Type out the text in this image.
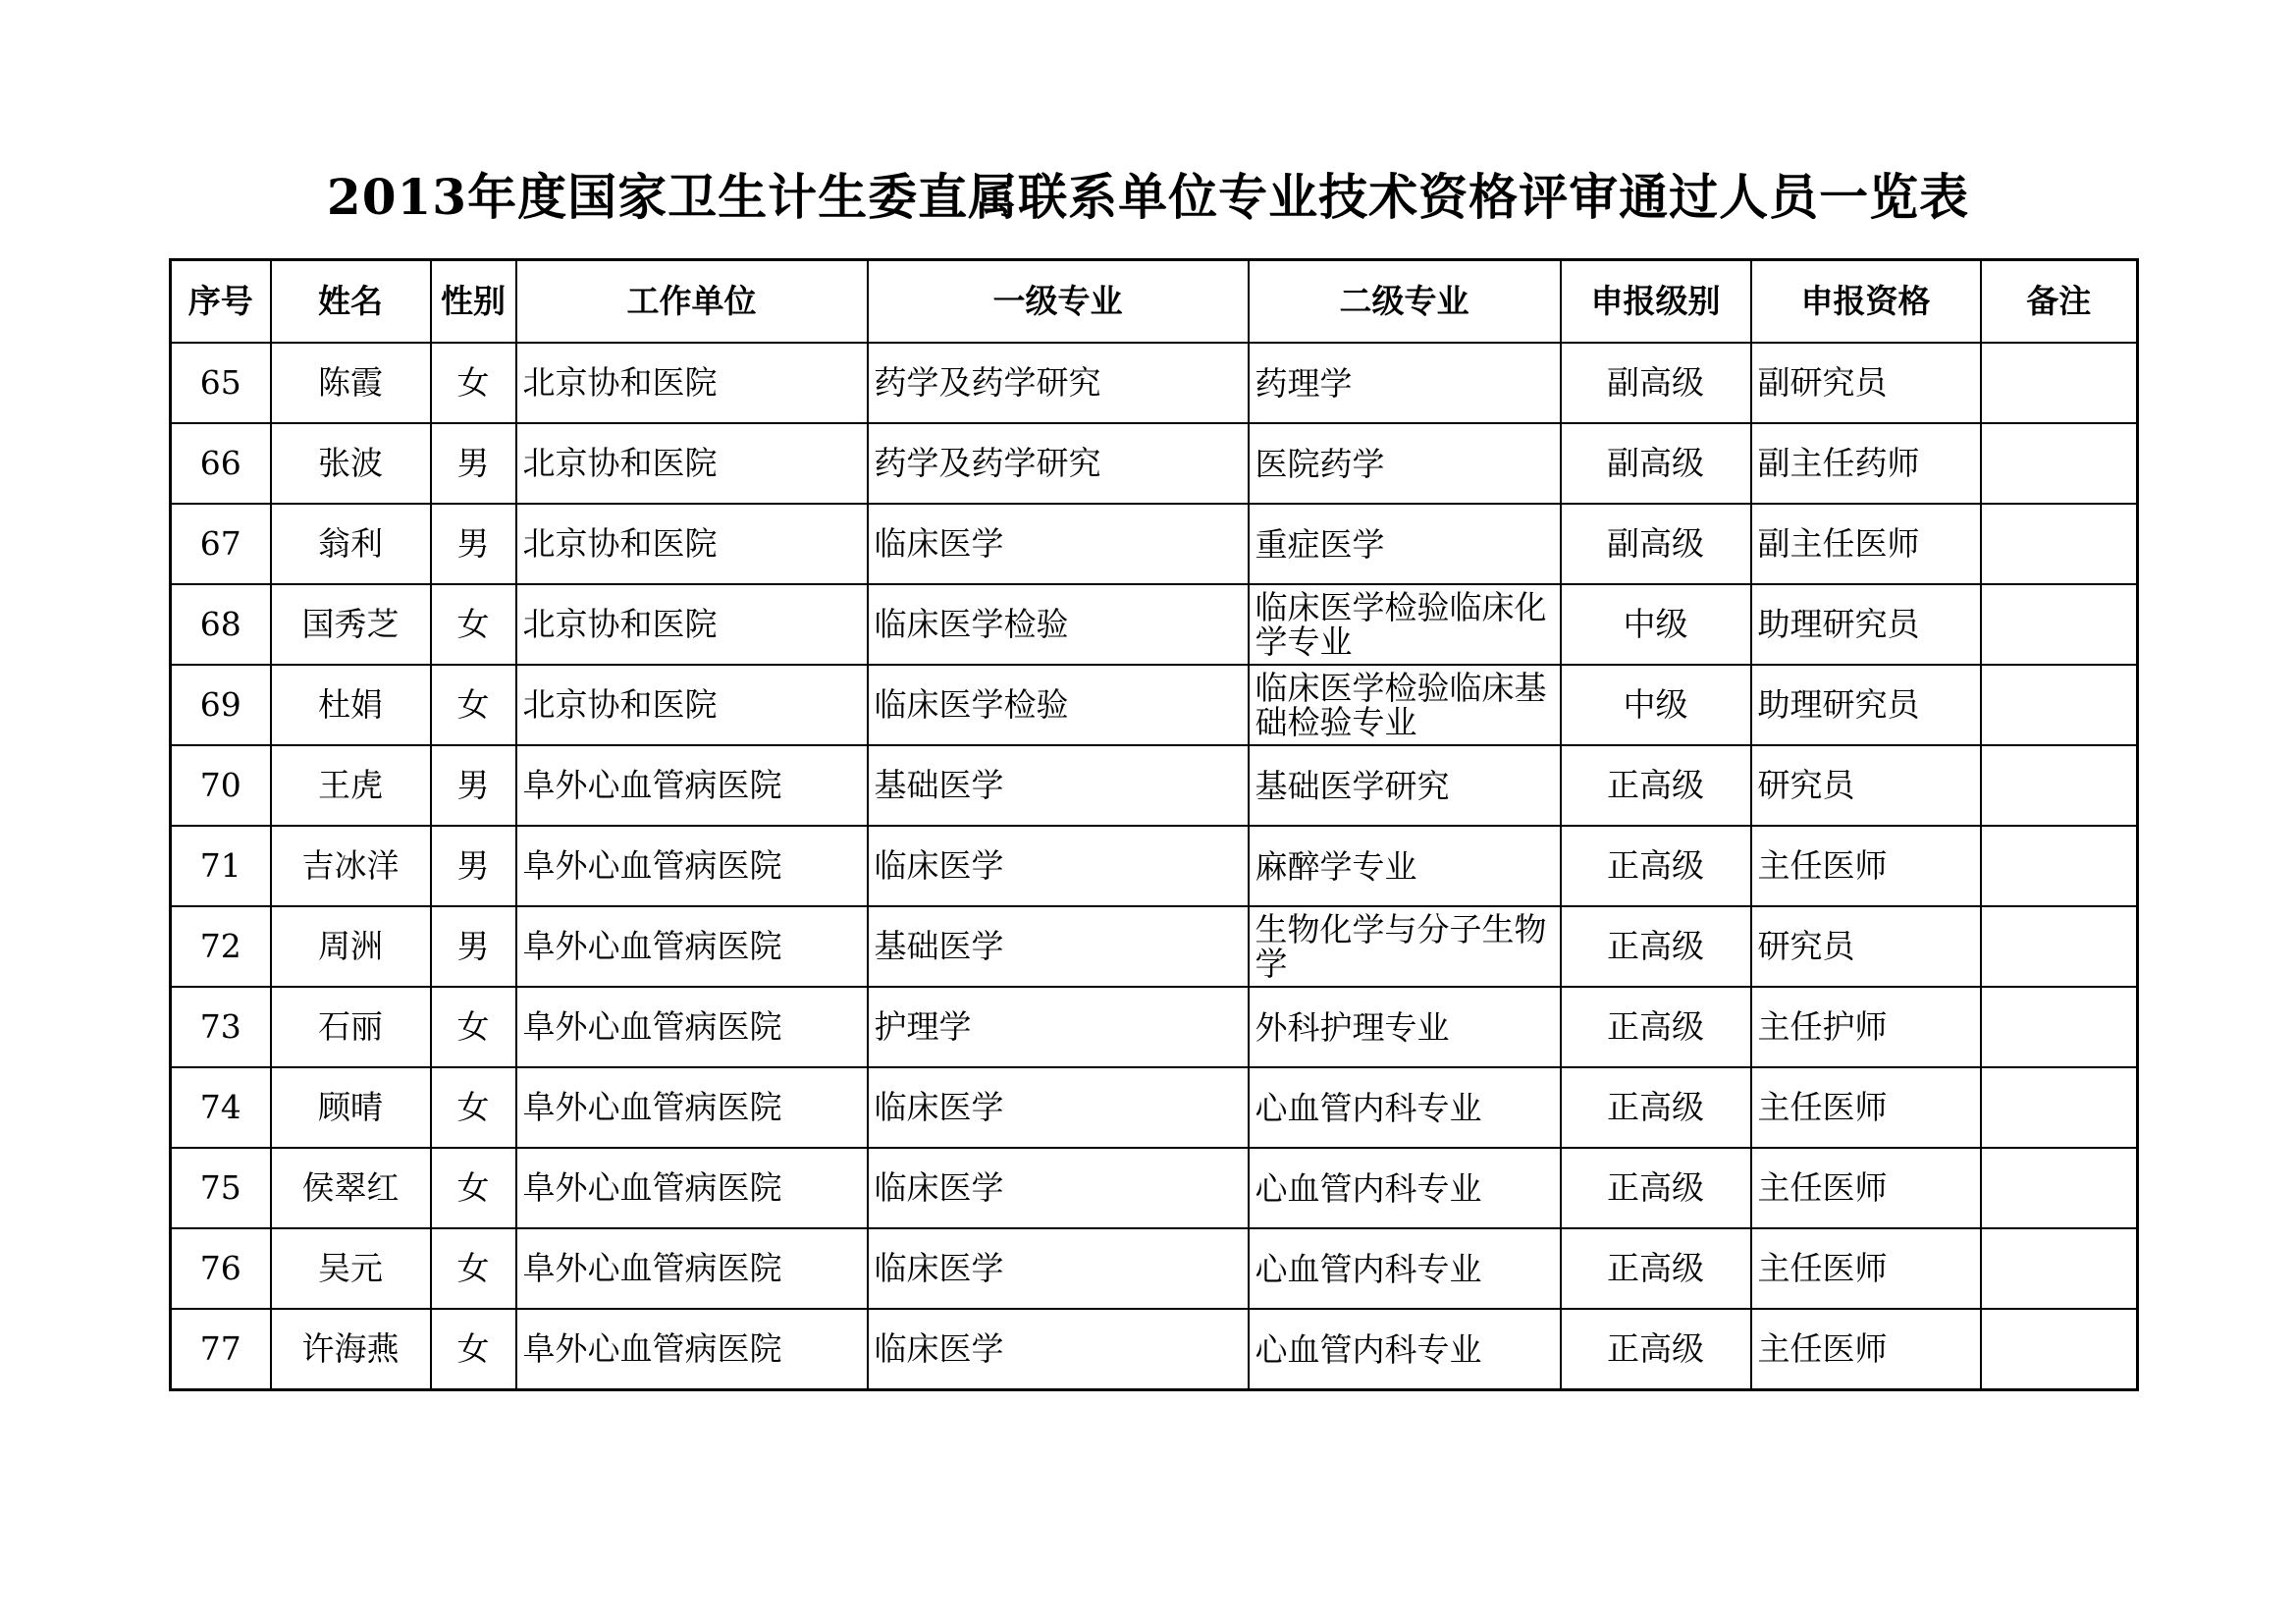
2013年度国家卫生计生委直属联系单位专业技术资格评审通过人员一览表
序号	姓名	性别	工作单位	一级专业	二级专业	申报级别	申报资格	备注
65	陈霞	女	北京协和医院	药学及药学研究	药理学	副高级	副研究员	
66	张波	男	北京协和医院	药学及药学研究	医院药学	副高级	副主任药师	
67	翁利	男	北京协和医院	临床医学	重症医学	副高级	副主任医师	
68	国秀芝	女	北京协和医院	临床医学检验	临床医学检验临床化学专业	中级	助理研究员	
69	杜娟	女	北京协和医院	临床医学检验	临床医学检验临床基础检验专业	中级	助理研究员	
70	王虎	男	阜外心血管病医院	基础医学	基础医学研究	正高级	研究员	
71	吉冰洋	男	阜外心血管病医院	临床医学	麻醉学专业	正高级	主任医师	
72	周洲	男	阜外心血管病医院	基础医学	生物化学与分子生物学	正高级	研究员	
73	石丽	女	阜外心血管病医院	护理学	外科护理专业	正高级	主任护师	
74	顾晴	女	阜外心血管病医院	临床医学	心血管内科专业	正高级	主任医师	
75	侯翠红	女	阜外心血管病医院	临床医学	心血管内科专业	正高级	主任医师	
76	吴元	女	阜外心血管病医院	临床医学	心血管内科专业	正高级	主任医师	
77	许海燕	女	阜外心血管病医院	临床医学	心血管内科专业	正高级	主任医师	
